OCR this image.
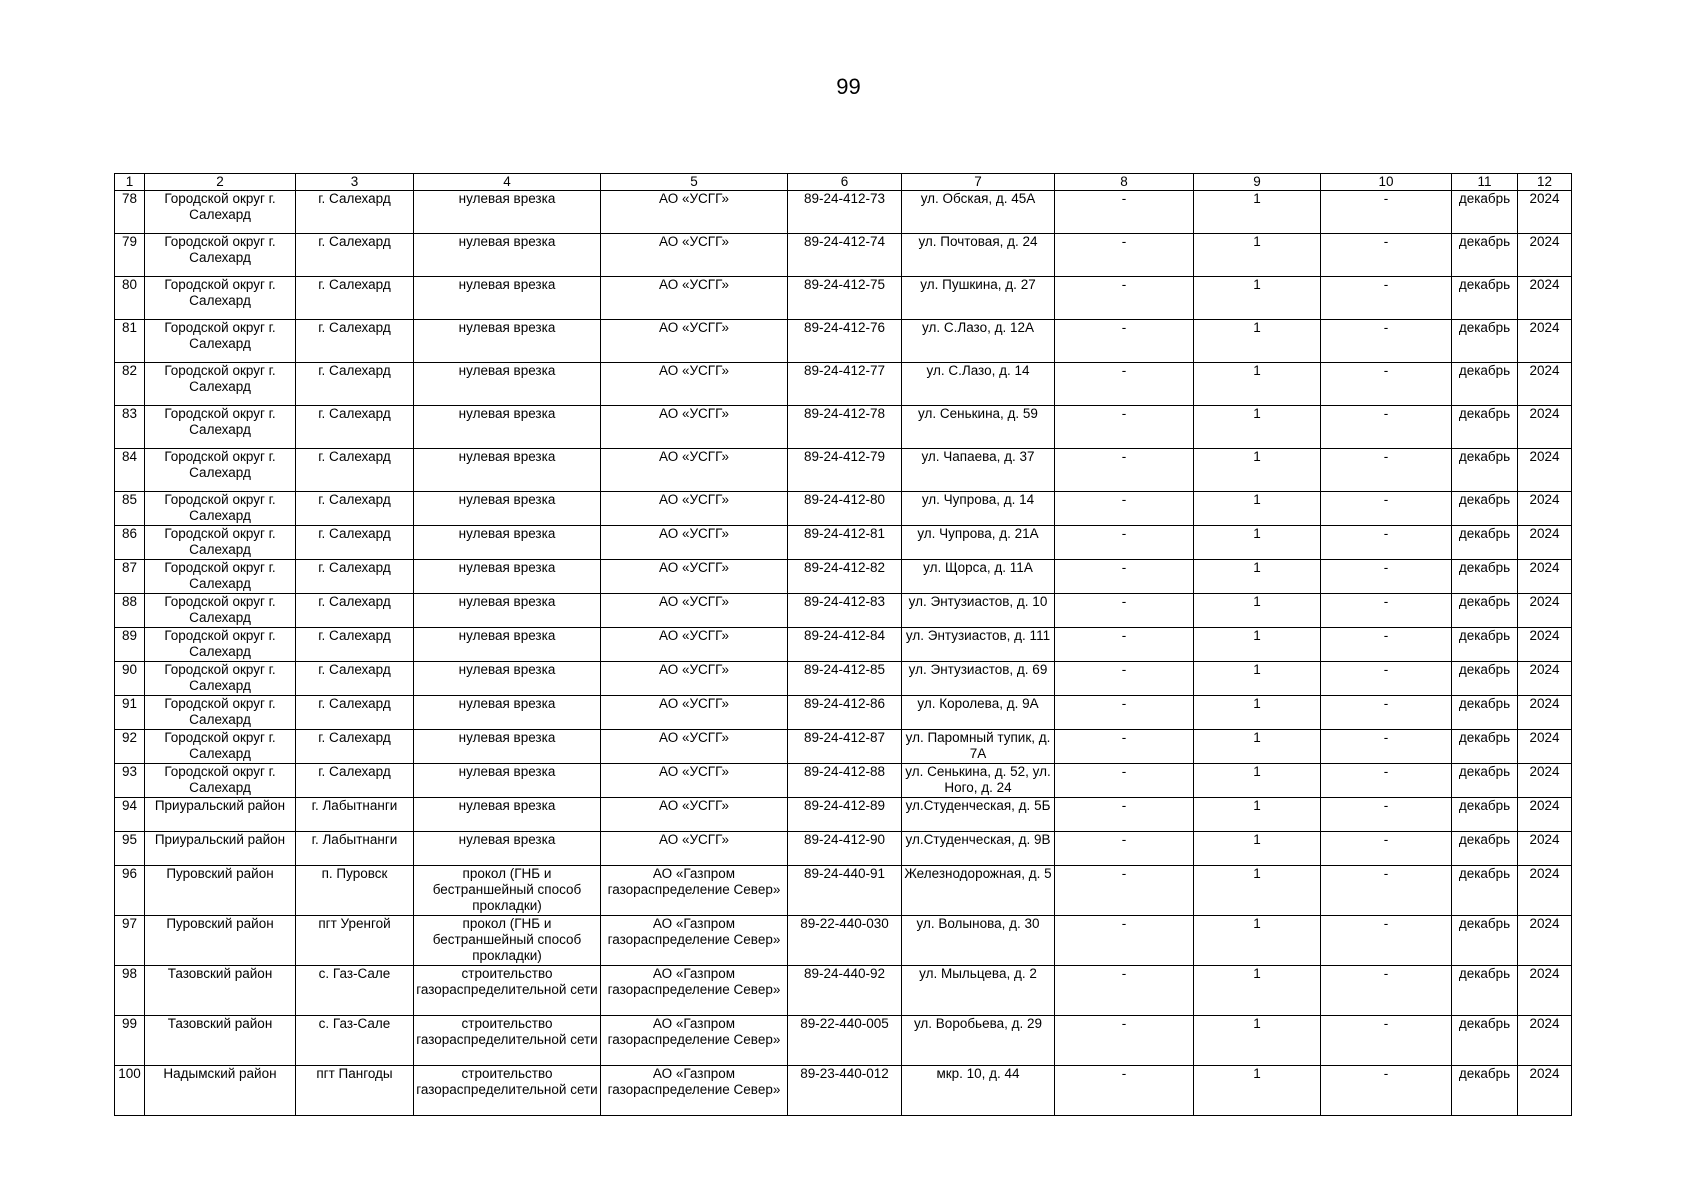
99
1	2	3	4	5	6	7	8	9	10	11	12
78	Городской округ г. Салехард	г. Салехард	нулевая врезка	АО «УСГГ»	89-24-412-73	ул. Обская, д. 45А	-	1	-	декабрь	2024
79	Городской округ г. Салехард	г. Салехард	нулевая врезка	АО «УСГГ»	89-24-412-74	ул. Почтовая, д. 24	-	1	-	декабрь	2024
80	Городской округ г. Салехард	г. Салехард	нулевая врезка	АО «УСГГ»	89-24-412-75	ул. Пушкина, д. 27	-	1	-	декабрь	2024
81	Городской округ г. Салехард	г. Салехард	нулевая врезка	АО «УСГГ»	89-24-412-76	ул. С.Лазо, д. 12А	-	1	-	декабрь	2024
82	Городской округ г. Салехард	г. Салехард	нулевая врезка	АО «УСГГ»	89-24-412-77	ул. С.Лазо, д. 14	-	1	-	декабрь	2024
83	Городской округ г. Салехард	г. Салехард	нулевая врезка	АО «УСГГ»	89-24-412-78	ул. Сенькина, д. 59	-	1	-	декабрь	2024
84	Городской округ г. Салехард	г. Салехард	нулевая врезка	АО «УСГГ»	89-24-412-79	ул. Чапаева, д. 37	-	1	-	декабрь	2024
85	Городской округ г. Салехард	г. Салехард	нулевая врезка	АО «УСГГ»	89-24-412-80	ул. Чупрова, д. 14	-	1	-	декабрь	2024
86	Городской округ г. Салехард	г. Салехард	нулевая врезка	АО «УСГГ»	89-24-412-81	ул. Чупрова, д. 21А	-	1	-	декабрь	2024
87	Городской округ г. Салехард	г. Салехард	нулевая врезка	АО «УСГГ»	89-24-412-82	ул. Щорса, д. 11А	-	1	-	декабрь	2024
88	Городской округ г. Салехард	г. Салехард	нулевая врезка	АО «УСГГ»	89-24-412-83	ул. Энтузиастов, д. 10	-	1	-	декабрь	2024
89	Городской округ г. Салехард	г. Салехард	нулевая врезка	АО «УСГГ»	89-24-412-84	ул. Энтузиастов, д. 111	-	1	-	декабрь	2024
90	Городской округ г. Салехард	г. Салехард	нулевая врезка	АО «УСГГ»	89-24-412-85	ул. Энтузиастов, д. 69	-	1	-	декабрь	2024
91	Городской округ г. Салехард	г. Салехард	нулевая врезка	АО «УСГГ»	89-24-412-86	ул. Королева, д. 9А	-	1	-	декабрь	2024
92	Городской округ г. Салехард	г. Салехард	нулевая врезка	АО «УСГГ»	89-24-412-87	ул. Паромный тупик, д. 7А	-	1	-	декабрь	2024
93	Городской округ г. Салехард	г. Салехард	нулевая врезка	АО «УСГГ»	89-24-412-88	ул. Сенькина, д. 52, ул. Ного, д. 24	-	1	-	декабрь	2024
94	Приуральский район	г. Лабытнанги	нулевая врезка	АО «УСГГ»	89-24-412-89	ул.Студенческая, д. 5Б	-	1	-	декабрь	2024
95	Приуральский район	г. Лабытнанги	нулевая врезка	АО «УСГГ»	89-24-412-90	ул.Студенческая, д. 9В	-	1	-	декабрь	2024
96	Пуровский район	п. Пуровск	прокол (ГНБ и бестраншейный способ прокладки)	АО «Газпром газораспределение Север»	89-24-440-91	Железнодорожная, д. 5	-	1	-	декабрь	2024
97	Пуровский район	пгт Уренгой	прокол (ГНБ и бестраншейный способ прокладки)	АО «Газпром газораспределение Север»	89-22-440-030	ул. Волынова, д. 30	-	1	-	декабрь	2024
98	Тазовский район	с. Газ-Сале	строительство газораспределительной сети	АО «Газпром газораспределение Север»	89-24-440-92	ул. Мыльцева, д. 2	-	1	-	декабрь	2024
99	Тазовский район	с. Газ-Сале	строительство газораспределительной сети	АО «Газпром газораспределение Север»	89-22-440-005	ул. Воробьева, д. 29	-	1	-	декабрь	2024
100	Надымский район	пгт Пангоды	строительство газораспределительной сети	АО «Газпром газораспределение Север»	89-23-440-012	мкр. 10, д. 44	-	1	-	декабрь	2024
